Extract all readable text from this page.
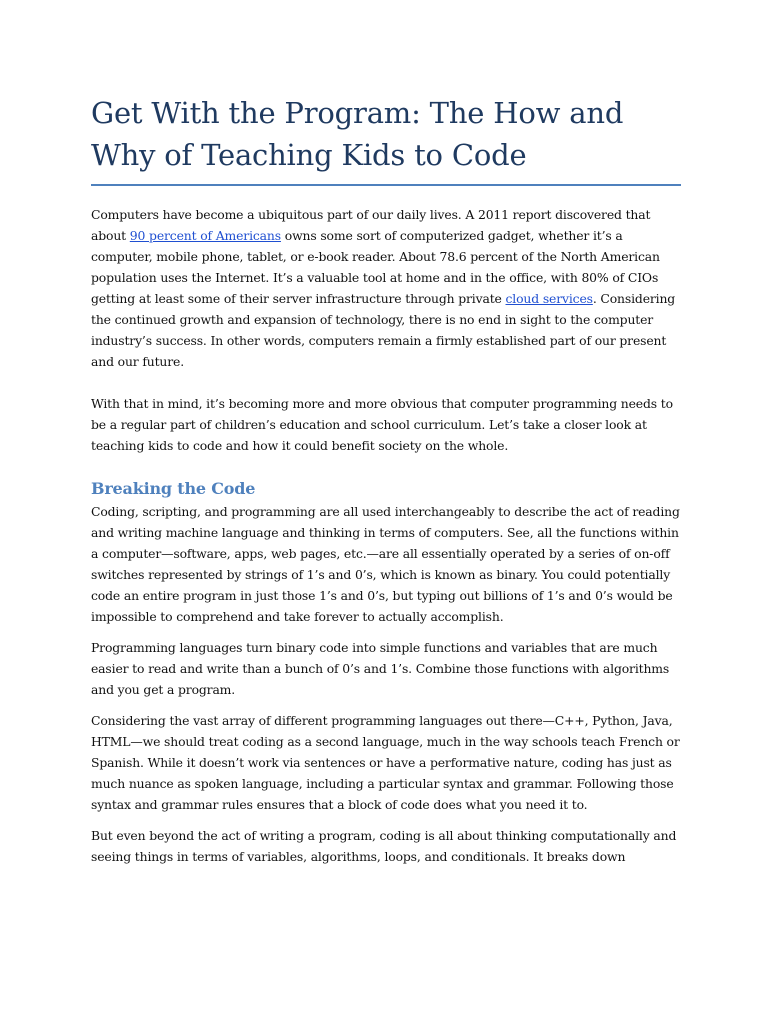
Get With the Program: The How and Why of Teaching Kids to Code

Computers have become a ubiquitous part of our daily lives. A 2011 report discovered that about 90 percent of Americans owns some sort of computerized gadget, whether it’s a computer, mobile phone, tablet, or e-book reader. About 78.6 percent of the North American population uses the Internet. It’s a valuable tool at home and in the office, with 80% of CIOs getting at least some of their server infrastructure through private cloud services. Considering the continued growth and expansion of technology, there is no end in sight to the computer industry’s success. In other words, computers remain a firmly established part of our present and our future.

With that in mind, it’s becoming more and more obvious that computer programming needs to be a regular part of children’s education and school curriculum. Let’s take a closer look at teaching kids to code and how it could benefit society on the whole.

Breaking the Code

Coding, scripting, and programming are all used interchangeably to describe the act of reading and writing machine language and thinking in terms of computers. See, all the functions within a computer—software, apps, web pages, etc.—are all essentially operated by a series of on-off switches represented by strings of 1’s and 0’s, which is known as binary. You could potentially code an entire program in just those 1’s and 0’s, but typing out billions of 1’s and 0’s would be impossible to comprehend and take forever to actually accomplish.

Programming languages turn binary code into simple functions and variables that are much easier to read and write than a bunch of 0’s and 1’s. Combine those functions with algorithms and you get a program.

Considering the vast array of different programming languages out there—C++, Python, Java, HTML—we should treat coding as a second language, much in the way schools teach French or Spanish. While it doesn’t work via sentences or have a performative nature, coding has just as much nuance as spoken language, including a particular syntax and grammar. Following those syntax and grammar rules ensures that a block of code does what you need it to.

But even beyond the act of writing a program, coding is all about thinking computationally and seeing things in terms of variables, algorithms, loops, and conditionals. It breaks down
